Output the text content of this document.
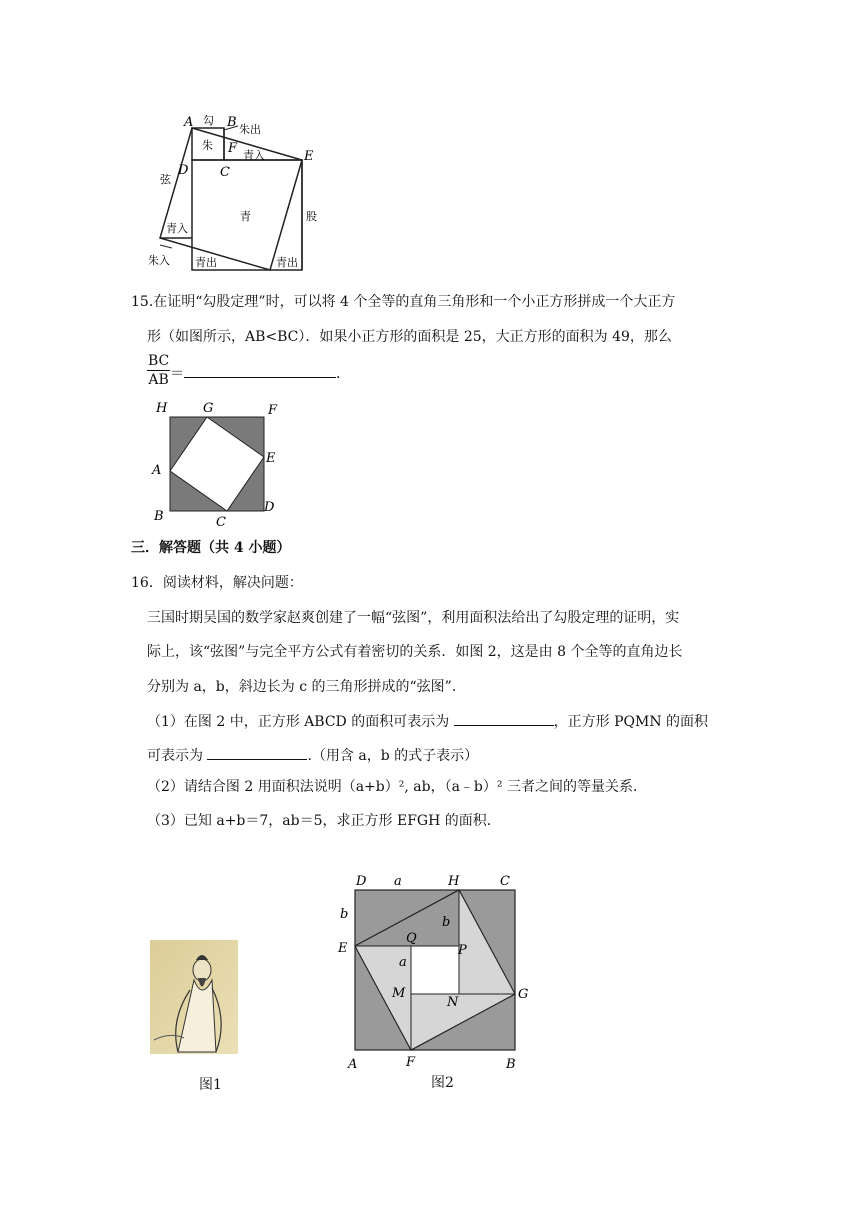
A 勾 B 朱出
朱 F 青入	E
D C
弦
青	股
青入
朱入 青出	青出
15.在证明“勾股定理”时，可以将 4 个全等的直角三角形和一个小正方形拼成一个大正方
形（如图所示，AB<BC）．如果小正方形的面积是 25，大正方形的面积为 49，那么
$\frac{BC}{AB}$ ＝	．
H	G	F
A
E
B	C
D
三．解答题（共 4 小题）
16．阅读材料，解决问题：
三国时期吴国的数学家赵爽创建了一幅“弦图”，利用面积法给出了勾股定理的证明，实
际上，该“弦图”与完全平方公式有着密切的关系．如图 2，这是由 8 个全等的直角边长
分别为 a，b，斜边长为 c 的三角形拼成的“弦图”．
（1）在图 2 中，正方形 ABCD 的面积可表示为	，正方形 PQMN 的面积
可表示为	.（用含 a，b 的式子表示）
（2）请结合图 2 用面积法说明（a+b）², ab，（a﹣b）² 三者之间的等量关系．
（3）已知 a+b＝7，ab＝5，求正方形 EFGH 的面积．
图1
D a	H	C
b
E
Q
b
P
a
M	G
N
A	F	B
图2
